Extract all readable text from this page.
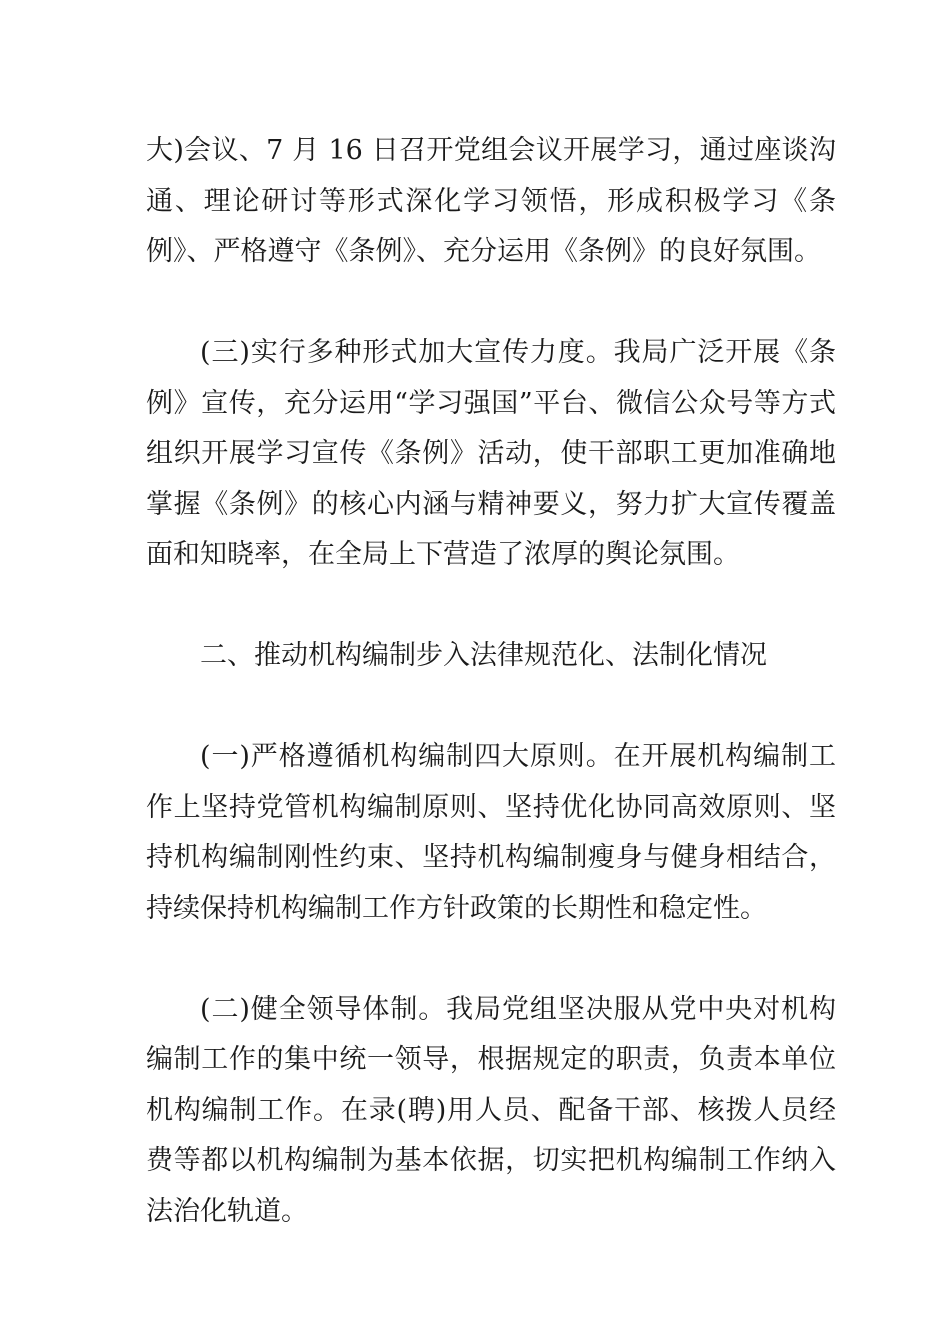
大)会议、7 月 16 日召开党组会议开展学习，通过座谈沟通、理论研讨等形式深化学习领悟，形成积极学习《条例》、严格遵守《条例》、充分运用《条例》的良好氛围。

(三)实行多种形式加大宣传力度。我局广泛开展《条例》宣传，充分运用“学习强国”平台、微信公众号等方式组织开展学习宣传《条例》活动，使干部职工更加准确地掌握《条例》的核心内涵与精神要义，努力扩大宣传覆盖面和知晓率，在全局上下营造了浓厚的舆论氛围。

二、推动机构编制步入法律规范化、法制化情况

(一)严格遵循机构编制四大原则。在开展机构编制工作上坚持党管机构编制原则、坚持优化协同高效原则、坚持机构编制刚性约束、坚持机构编制瘦身与健身相结合，持续保持机构编制工作方针政策的长期性和稳定性。

(二)健全领导体制。我局党组坚决服从党中央对机构编制工作的集中统一领导，根据规定的职责，负责本单位机构编制工作。在录(聘)用人员、配备干部、核拨人员经费等都以机构编制为基本依据，切实把机构编制工作纳入法治化轨道。
